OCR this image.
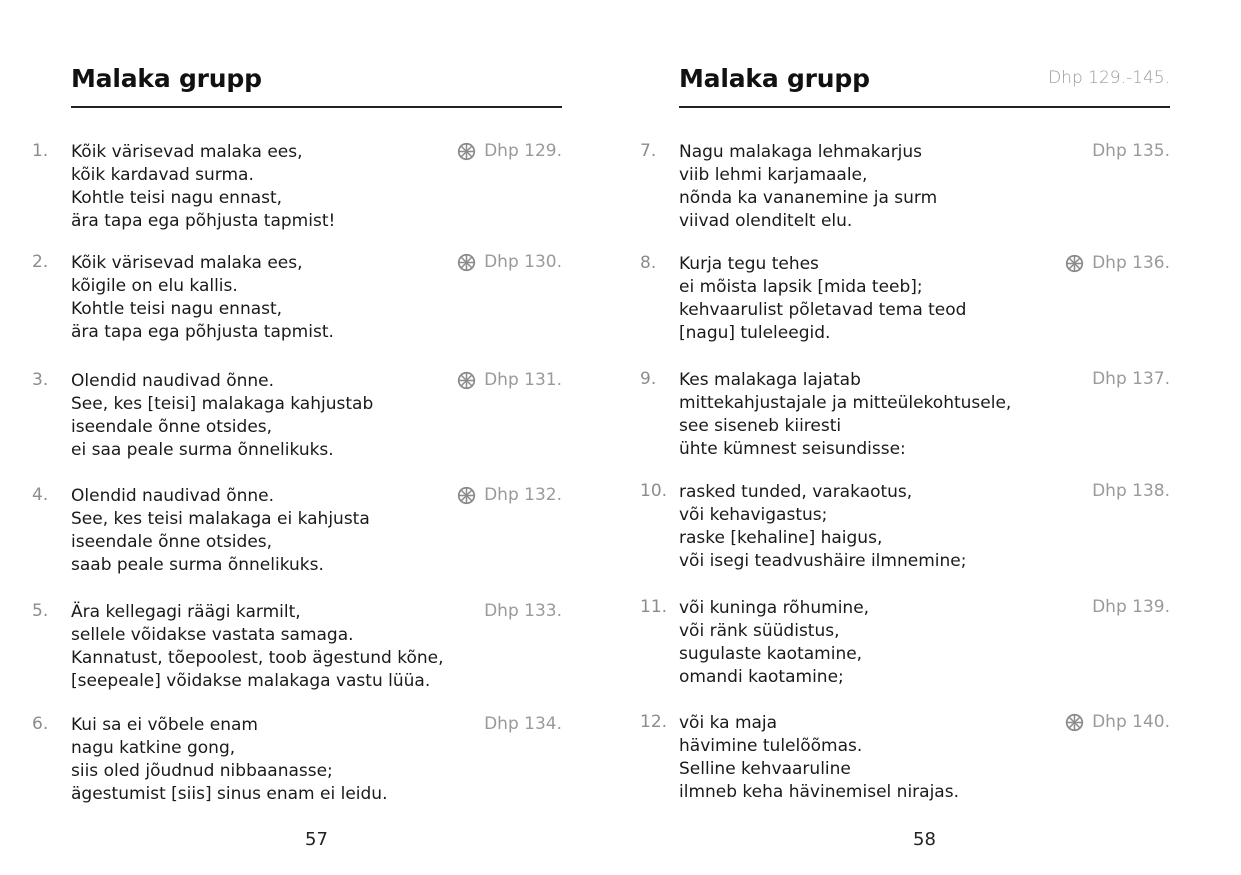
Malaka grupp
1. Kõik värisevad malaka ees,
kõik kardavad surma.
Kohtle teisi nagu ennast,
ära tapa ega põhjusta tapmist!
Dhp 129.
2. Kõik värisevad malaka ees,
kõigile on elu kallis.
Kohtle teisi nagu ennast,
ära tapa ega põhjusta tapmist.
Dhp 130.
3. Olendid naudivad õnne.
See, kes [teisi] malakaga kahjustab
iseendale õnne otsides,
ei saa peale surma õnnelikuks.
Dhp 131.
4. Olendid naudivad õnne.
See, kes teisi malakaga ei kahjusta
iseendale õnne otsides,
saab peale surma õnnelikuks.
Dhp 132.
5. Ära kellegagi räägi karmilt,
sellele võidakse vastata samaga.
Kannatust, tõepoolest, toob ägestund kõne,
[seepeale] võidakse malakaga vastu lüüa.
Dhp 133.
6. Kui sa ei võbele enam
nagu katkine gong,
siis oled jõudnud nibbaanasse;
ägestumist [siis] sinus enam ei leidu.
Dhp 134.
57
Malaka grupp	Dhp 129.-145.
7. Nagu malakaga lehmakarjus
viib lehmi karjamaale,
nõnda ka vananemine ja surm
viivad olenditelt elu.
Dhp 135.
8. Kurja tegu tehes
ei mõista lapsik [mida teeb];
kehvaarulist põletavad tema teod
[nagu] tuleleegid.
Dhp 136.
9. Kes malakaga lajatab
mittekahjustajale ja mitteülekohtusele,
see siseneb kiiresti
ühte kümnest seisundisse:
Dhp 137.
10. rasked tunded, varakaotus,
või kehavigastus;
raske [kehaline] haigus,
või isegi teadvushäire ilmnemine;
Dhp 138.
11. või kuninga rõhumine,
või ränk süüdistus,
sugulaste kaotamine,
omandi kaotamine;
Dhp 139.
12. või ka maja
hävimine tulelõõmas.
Selline kehvaaruline
ilmneb keha hävinemisel nirajas.
Dhp 140.
58
